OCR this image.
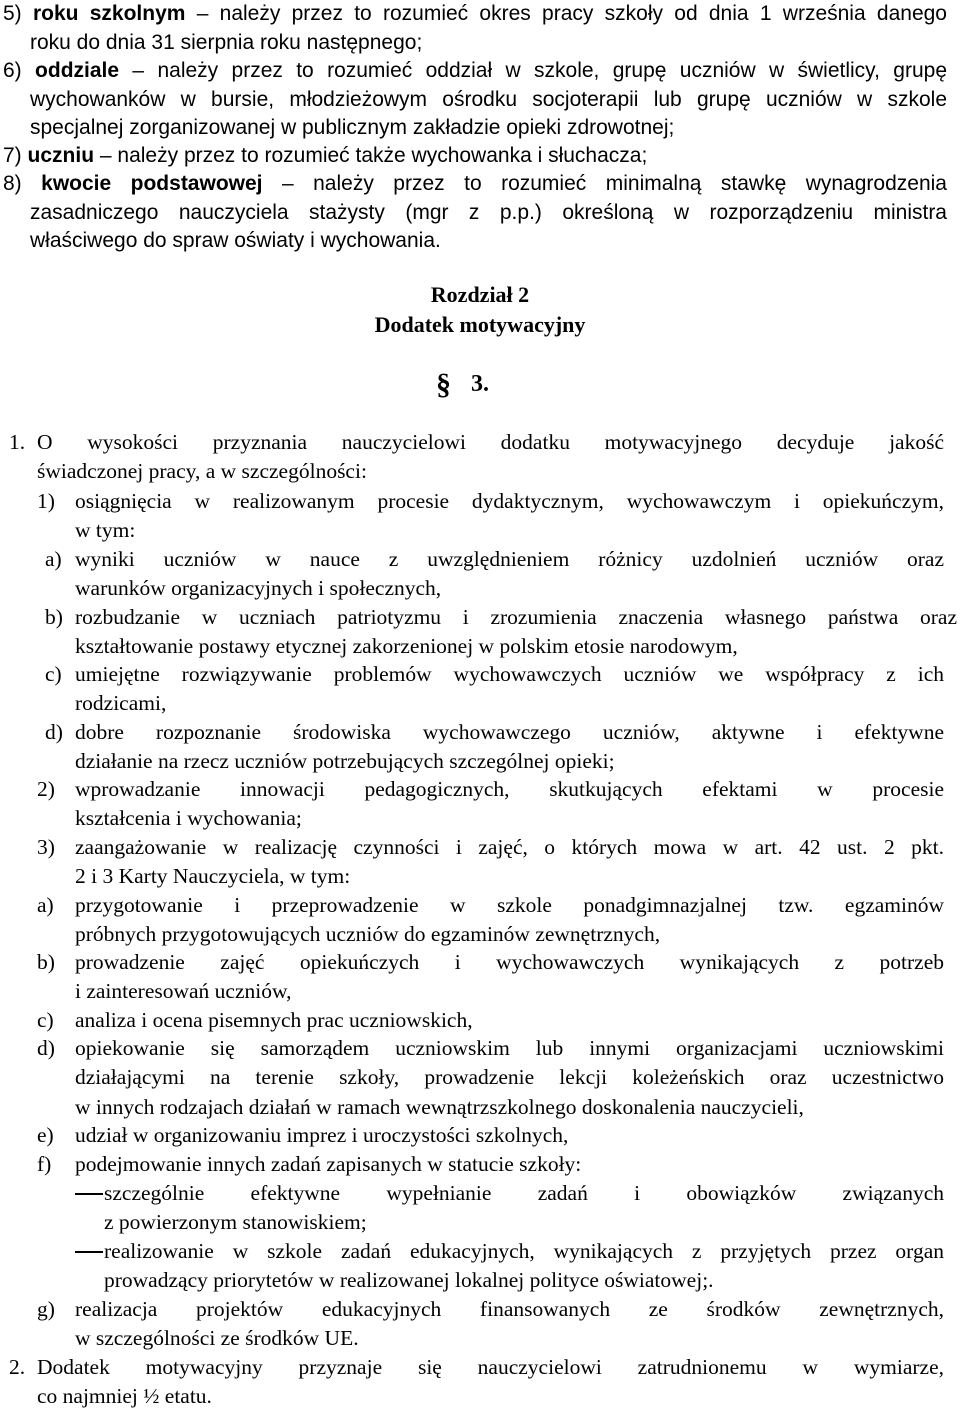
5) roku szkolnym – należy przez to rozumieć okres pracy szkoły od dnia 1 września danego
roku do dnia 31 sierpnia roku następnego;
6) oddziale – należy przez to rozumieć oddział w szkole, grupę uczniów w świetlicy, grupę
wychowanków w bursie, młodzieżowym ośrodku socjoterapii lub grupę uczniów w szkole
specjalnej zorganizowanej w publicznym zakładzie opieki zdrowotnej;
7) uczniu – należy przez to rozumieć także wychowanka i słuchacza;
8) kwocie podstawowej – należy przez to rozumieć minimalną stawkę wynagrodzenia
zasadniczego nauczyciela stażysty (mgr z p.p.) określoną w rozporządzeniu ministra
właściwego do spraw oświaty i wychowania.
Rozdział 2
Dodatek motywacyjny
§ 3.
1. O wysokości przyznania nauczycielowi dodatku motywacyjnego decyduje jakość
świadczonej pracy, a w szczególności:
1) osiągnięcia w realizowanym procesie dydaktycznym, wychowawczym i opiekuńczym,
w tym:
a) wyniki uczniów w nauce z uwzględnieniem różnicy uzdolnień uczniów oraz
warunków organizacyjnych i społecznych,
b) rozbudzanie w uczniach patriotyzmu i zrozumienia znaczenia własnego państwa oraz
kształtowanie postawy etycznej zakorzenionej w polskim etosie narodowym,
c) umiejętne rozwiązywanie problemów wychowawczych uczniów we współpracy z ich
rodzicami,
d) dobre rozpoznanie środowiska wychowawczego uczniów, aktywne i efektywne
działanie na rzecz uczniów potrzebujących szczególnej opieki;
2) wprowadzanie innowacji pedagogicznych, skutkujących efektami w procesie
kształcenia i wychowania;
3) zaangażowanie w realizację czynności i zajęć, o których mowa w art. 42 ust. 2 pkt.
2 i 3 Karty Nauczyciela, w tym:
a) przygotowanie i przeprowadzenie w szkole ponadgimnazjalnej tzw. egzaminów
próbnych przygotowujących uczniów do egzaminów zewnętrznych,
b) prowadzenie zajęć opiekuńczych i wychowawczych wynikających z potrzeb
i zainteresowań uczniów,
c) analiza i ocena pisemnych prac uczniowskich,
d) opiekowanie się samorządem uczniowskim lub innymi organizacjami uczniowskimi
działającymi na terenie szkoły, prowadzenie lekcji koleżeńskich oraz uczestnictwo
w innych rodzajach działań w ramach wewnątrzszkolnego doskonalenia nauczycieli,
e) udział w organizowaniu imprez i uroczystości szkolnych,
f) podejmowanie innych zadań zapisanych w statucie szkoły:
szczególnie efektywne wypełnianie zadań i obowiązków związanych
z powierzonym stanowiskiem;
realizowanie w szkole zadań edukacyjnych, wynikających z przyjętych przez organ
prowadzący priorytetów w realizowanej lokalnej polityce oświatowej;.
g) realizacja projektów edukacyjnych finansowanych ze środków zewnętrznych,
w szczególności ze środków UE.
2. Dodatek motywacyjny przyznaje się nauczycielowi zatrudnionemu w wymiarze,
co najmniej ½ etatu.
